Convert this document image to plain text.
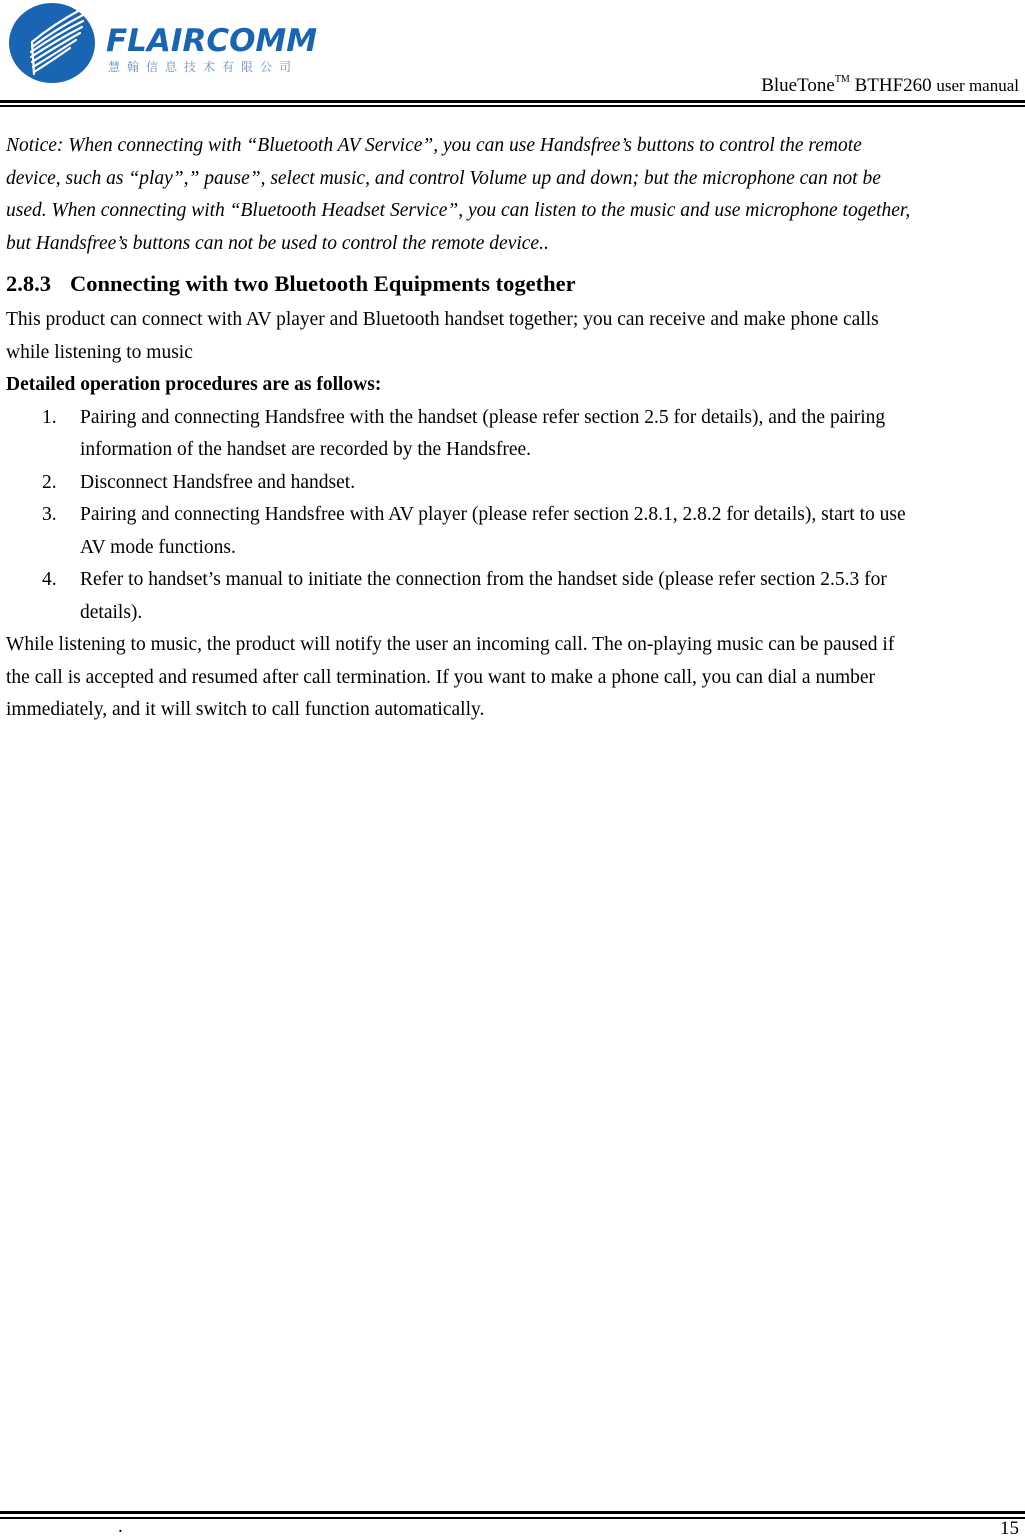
FLAIRCOMM
慧翰信息技术有限公司
BlueTone™ BTHF260 user manual
Notice: When connecting with “Bluetooth AV Service”, you can use Handsfree’s buttons to control the remote
device, such as “play”,” pause”, select music, and control Volume up and down; but the microphone can not be
used. When connecting with “Bluetooth Headset Service”, you can listen to the music and use microphone together,
but Handsfree’s buttons can not be used to control the remote device..
2.8.3 Connecting with two Bluetooth Equipments together
This product can connect with AV player and Bluetooth handset together; you can receive and make phone calls
while listening to music
Detailed operation procedures are as follows:
1. Pairing and connecting Handsfree with the handset (please refer section 2.5 for details), and the pairing
information of the handset are recorded by the Handsfree.
2. Disconnect Handsfree and handset.
3. Pairing and connecting Handsfree with AV player (please refer section 2.8.1, 2.8.2 for details), start to use
AV mode functions.
4. Refer to handset’s manual to initiate the connection from the handset side (please refer section 2.5.3 for
details).
While listening to music, the product will notify the user an incoming call. The on-playing music can be paused if
the call is accepted and resumed after call termination. If you want to make a phone call, you can dial a number
immediately, and it will switch to call function automatically.
.	15
